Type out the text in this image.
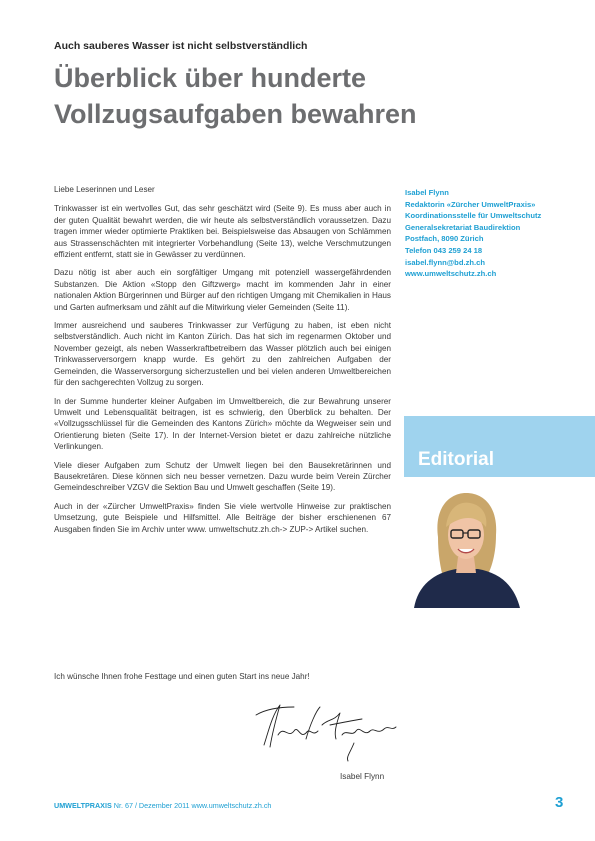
Auch sauberes Wasser ist nicht selbstverständlich
Überblick über hunderte Vollzugsaufgaben bewahren

Liebe Leserinnen und Leser

Trinkwasser ist ein wertvolles Gut, das sehr geschätzt wird (Seite 9). Es muss aber auch in der guten Qualität bewahrt werden, die wir heute als selbstverständlich voraussetzen. Dazu tragen immer wieder optimierte Praktiken bei. Beispielsweise das Absaugen von Schlämmen aus Strassenschächten mit integrierter Vorbehandlung (Seite 13), welche Verschmutzungen effizient entfernt, statt sie in Gewässer zu verdünnen.

Dazu nötig ist aber auch ein sorgfältiger Umgang mit potenziell wassergefährdenden Substanzen. Die Aktion «Stopp den Giftzwerg» macht im kommenden Jahr in einer nationalen Aktion Bürgerinnen und Bürger auf den richtigen Umgang mit Chemikalien in Haus und Garten aufmerksam und zählt auf die Mitwirkung vieler Gemeinden (Seite 11).

Immer ausreichend und sauberes Trinkwasser zur Verfügung zu haben, ist eben nicht selbstverständlich. Auch nicht im Kanton Zürich. Das hat sich im regenarmen Oktober und November gezeigt, als neben Wasserkraftbetreibern das Wasser plötzlich auch bei einigen Trinkwasserversorgern knapp wurde. Es gehört zu den zahlreichen Aufgaben der Gemeinden, die Wasserversorgung sicherzustellen und bei vielen anderen Umweltbereichen für den sachgerechten Vollzug zu sorgen.

In der Summe hunderter kleiner Aufgaben im Umweltbereich, die zur Bewahrung unserer Umwelt und Lebensqualität beitragen, ist es schwierig, den Überblick zu behalten. Der «Vollzugsschlüssel für die Gemeinden des Kantons Zürich» möchte da Wegweiser sein und Orientierung bieten (Seite 17). In der Internet-Version bietet er dazu zahlreiche nützliche Verlinkungen.

Viele dieser Aufgaben zum Schutz der Umwelt liegen bei den Bausekretärinnen und Bausekretären. Diese können sich neu besser vernetzen. Dazu wurde beim Verein Zürcher Gemeindeschreiber VZGV die Sektion Bau und Umwelt geschaffen (Seite 19).

Auch in der «Zürcher UmweltPraxis» finden Sie viele wertvolle Hinweise zur praktischen Umsetzung, gute Beispiele und Hilfsmittel. Alle Beiträge der bisher erschienenen 67 Ausgaben finden Sie im Archiv unter www. umweltschutz.zh.ch-> ZUP-> Artikel suchen.

Ich wünsche Ihnen frohe Festtage und einen guten Start ins neue Jahr!
Isabel Flynn
Isabel Flynn
Redaktorin «Zürcher UmweltPraxis»
Koordinationsstelle für Umweltschutz
Generalsekretariat Baudirektion
Postfach, 8090 Zürich
Telefon 043 259 24 18
isabel.flynn@bd.zh.ch
www.umweltschutz.zh.ch
Editorial
UMWELTPRAXIS Nr. 67 / Dezember 2011 www.umweltschutz.zh.ch	3
